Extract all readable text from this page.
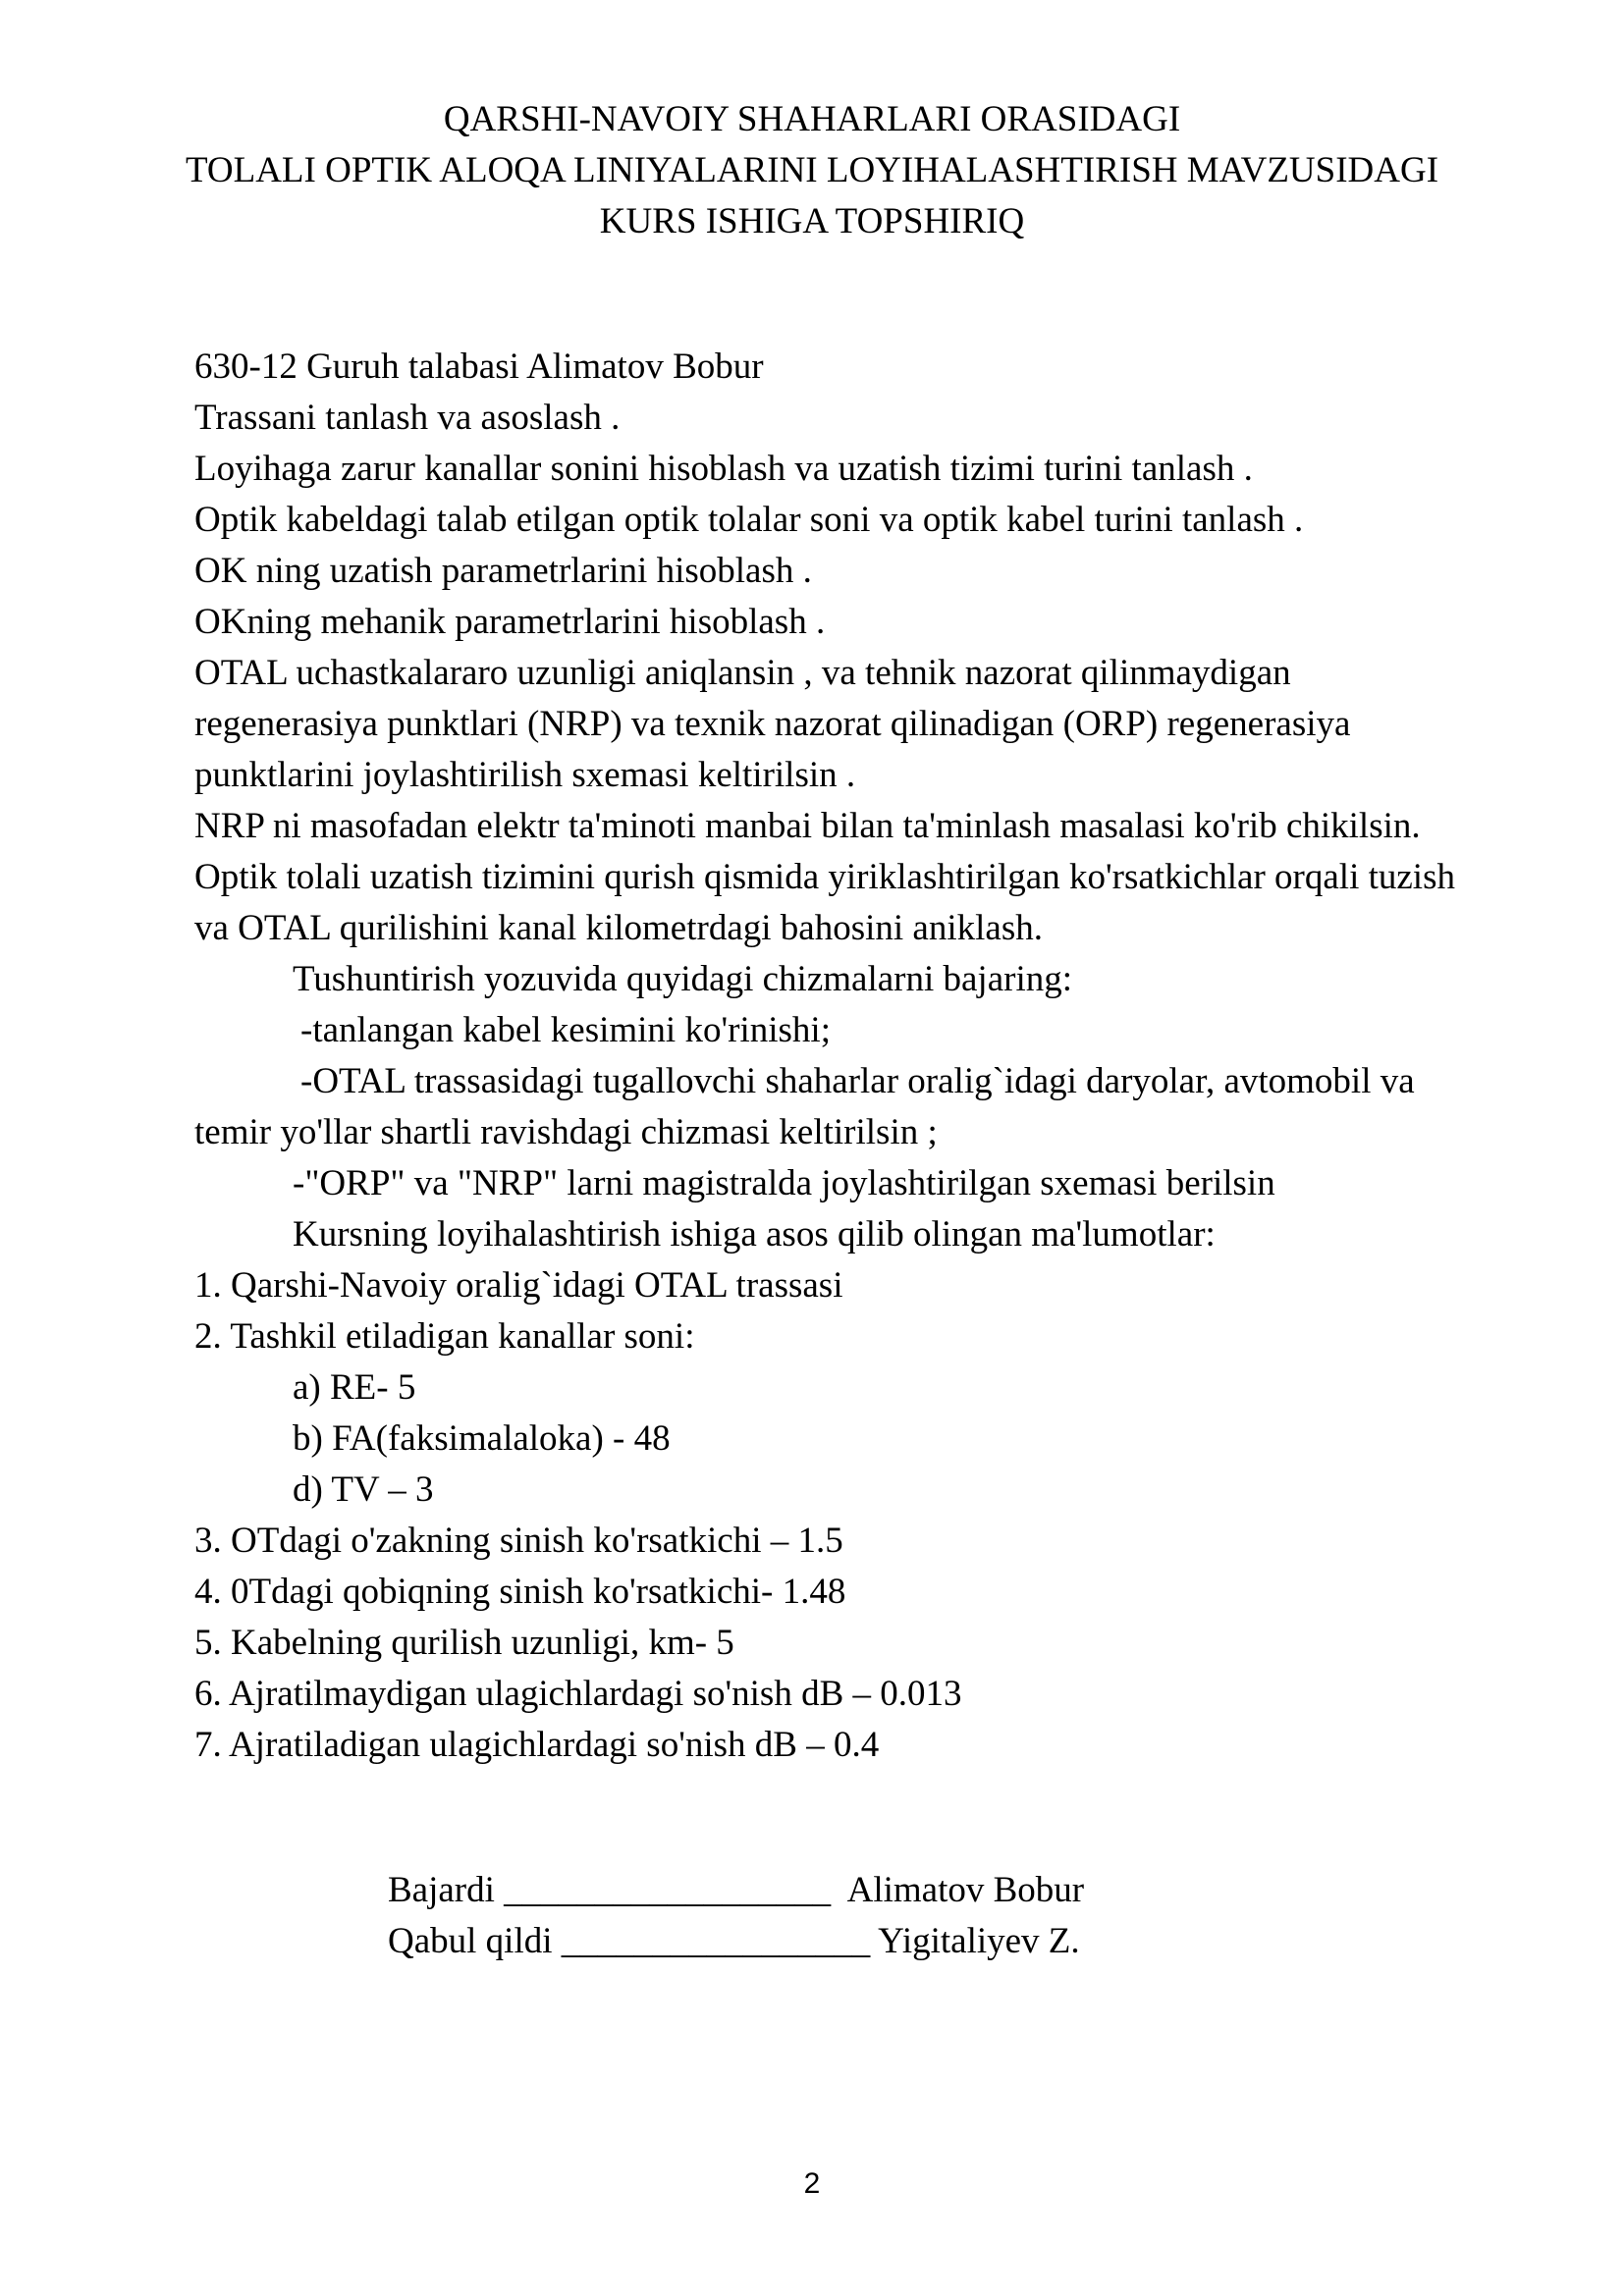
QARSHI-NAVOIY SHAHARLARI ORASIDAGI
TOLALI OPTIK ALOQA LINIYALARINI LOYIHALASHTIRISH MAVZUSIDAGI
KURS ISHIGA TOPSHIRIQ
630-12 Guruh talabasi Alimatov Bobur
Trassani tanlash va asoslash .
Loyihaga zarur kanallar sonini hisoblash va uzatish tizimi turini tanlash .
Optik kabeldagi talab etilgan optik tolalar soni va optik kabel turini tanlash .
OK ning uzatish parametrlarini hisoblash .
OKning mehanik parametrlarini hisoblash .
OTAL uchastkalararo uzunligi aniqlansin , va tehnik nazorat qilinmaydigan
regenerasiya punktlari (NRP) va texnik nazorat qilinadigan (ORP) regenerasiya
punktlarini joylashtirilish sxemasi keltirilsin .
NRP ni masofadan elektr ta'minoti manbai bilan ta'minlash masalasi ko'rib chikilsin.
Optik tolali uzatish tizimini qurish qismida yiriklashtirilgan ko'rsatkichlar orqali tuzish
va OTAL qurilishini kanal kilometrdagi bahosini aniklash.
Tushuntirish yozuvida quyidagi chizmalarni bajaring:
-tanlangan kabel kesimini ko'rinishi;
-OTAL trassasidagi tugallovchi shaharlar oralig`idagi daryolar, avtomobil va
temir yo'llar shartli ravishdagi chizmasi keltirilsin ;
-"ORP" va "NRP" larni magistralda joylashtirilgan sxemasi berilsin
Kursning loyihalashtirish ishiga asos qilib olingan ma'lumotlar:
1. Qarshi-Navoiy oralig`idagi OTAL trassasi
2. Tashkil etiladigan kanallar soni:
a) RE- 5
b) FA(faksimalaloka) - 48
d) TV – 3
3. OTdagi o'zakning sinish ko'rsatkichi – 1.5
4. 0Tdagi qobiqning sinish ko'rsatkichi- 1.48
5. Kabelning qurilish uzunligi, km- 5
6. Ajratilmaydigan ulagichlardagi so'nish dB – 0.013
7. Ajratiladigan ulagichlardagi so'nish dB – 0.4
Bajardi __________________  Alimatov Bobur
Qabul qildi _________________ Yigitaliyev Z.
2
